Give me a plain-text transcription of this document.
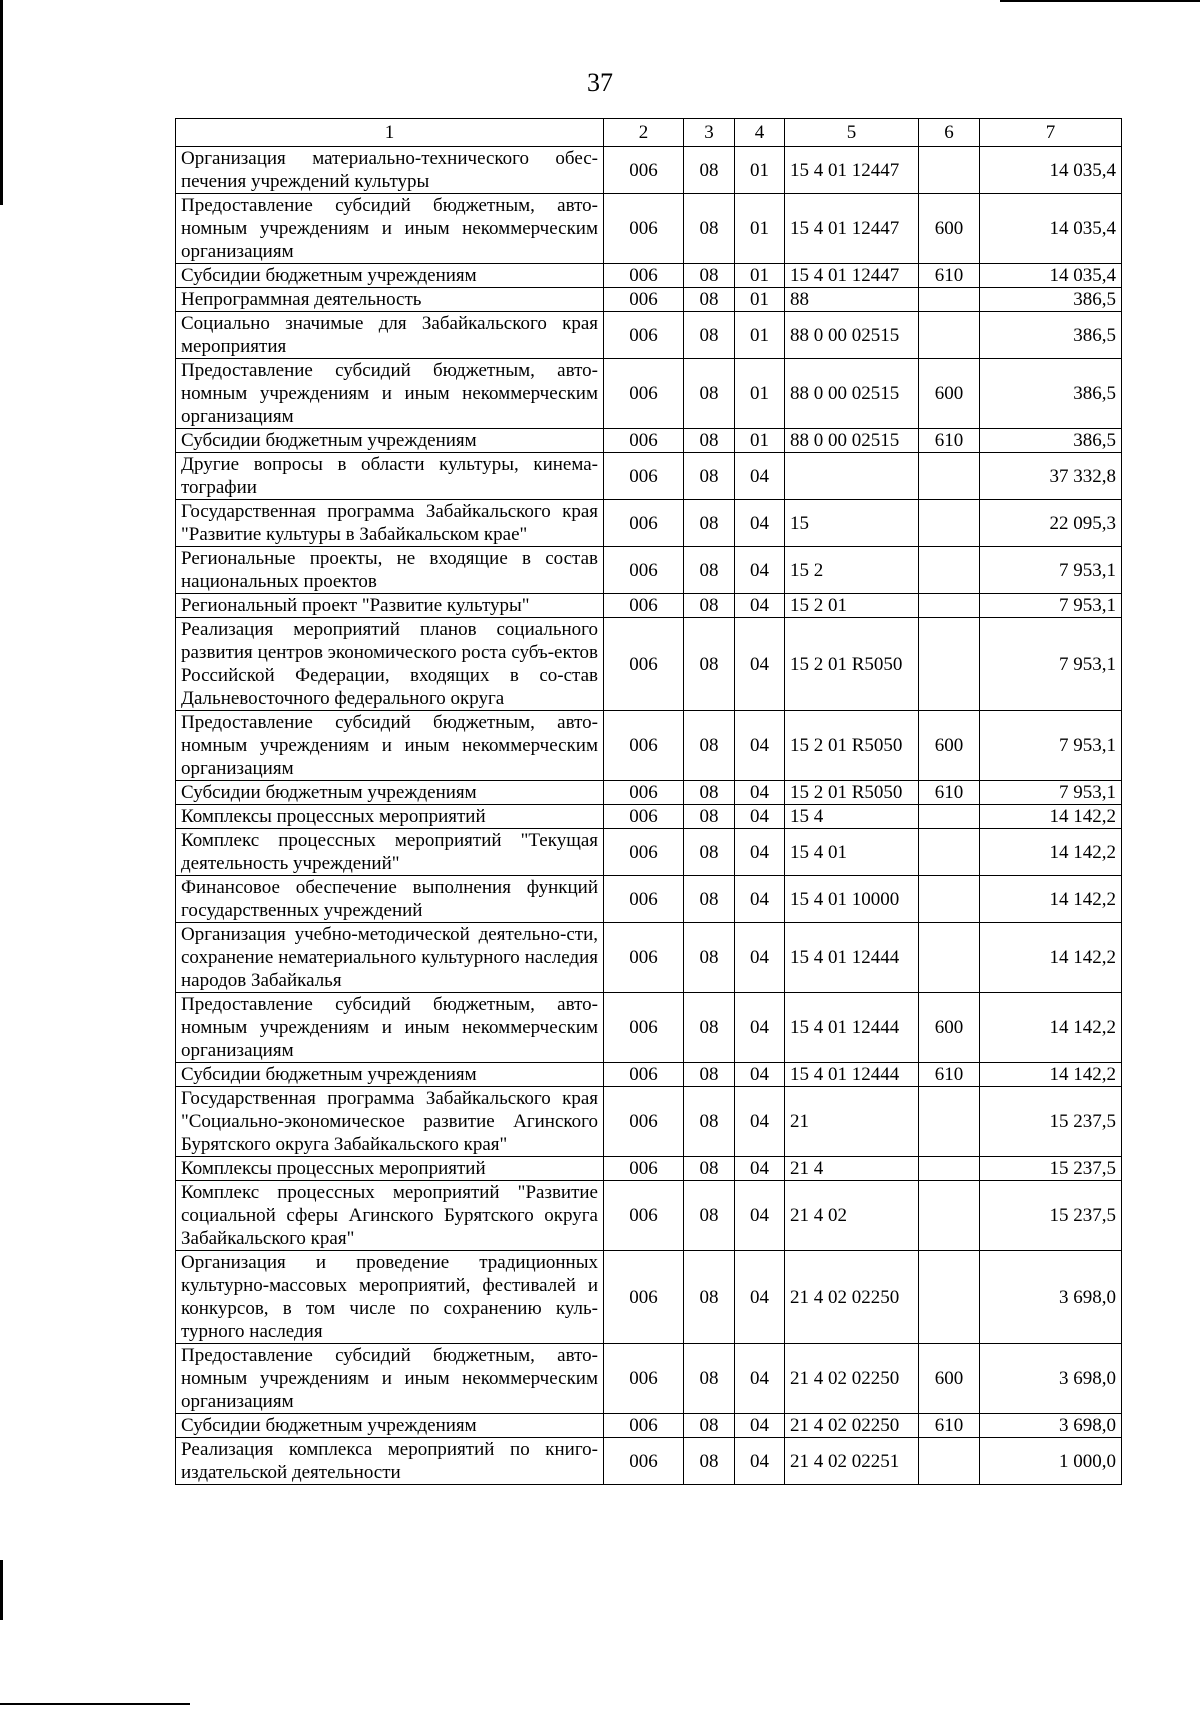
37
1	2	3	4	5	6	7
Организация материально-технического обес-печения учреждений культуры	006	08	01	15 4 01 12447		14 035,4
Предоставление субсидий бюджетным, авто-номным учреждениям и иным некоммерческим организациям	006	08	01	15 4 01 12447	600	14 035,4
Субсидии бюджетным учреждениям	006	08	01	15 4 01 12447	610	14 035,4
Непрограммная деятельность	006	08	01	88		386,5
Социально значимые для Забайкальского края мероприятия	006	08	01	88 0 00 02515		386,5
Предоставление субсидий бюджетным, авто-номным учреждениям и иным некоммерческим организациям	006	08	01	88 0 00 02515	600	386,5
Субсидии бюджетным учреждениям	006	08	01	88 0 00 02515	610	386,5
Другие вопросы в области культуры, кинема-тографии	006	08	04			37 332,8
Государственная программа Забайкальского края "Развитие культуры в Забайкальском крае"	006	08	04	15		22 095,3
Региональные проекты, не входящие в состав национальных проектов	006	08	04	15 2		7 953,1
Региональный проект "Развитие культуры"	006	08	04	15 2 01		7 953,1
Реализация мероприятий планов социального развития центров экономического роста субъ-ектов Российской Федерации, входящих в со-став Дальневосточного федерального округа	006	08	04	15 2 01 R5050		7 953,1
Предоставление субсидий бюджетным, авто-номным учреждениям и иным некоммерческим организациям	006	08	04	15 2 01 R5050	600	7 953,1
Субсидии бюджетным учреждениям	006	08	04	15 2 01 R5050	610	7 953,1
Комплексы процессных мероприятий	006	08	04	15 4		14 142,2
Комплекс процессных мероприятий "Текущая деятельность учреждений"	006	08	04	15 4 01		14 142,2
Финансовое обеспечение выполнения функций государственных учреждений	006	08	04	15 4 01 10000		14 142,2
Организация учебно-методической деятельно-сти, сохранение нематериального культурного наследия народов Забайкалья	006	08	04	15 4 01 12444		14 142,2
Предоставление субсидий бюджетным, авто-номным учреждениям и иным некоммерческим организациям	006	08	04	15 4 01 12444	600	14 142,2
Субсидии бюджетным учреждениям	006	08	04	15 4 01 12444	610	14 142,2
Государственная программа Забайкальского края "Социально-экономическое развитие Агинского Бурятского округа Забайкальского края"	006	08	04	21		15 237,5
Комплексы процессных мероприятий	006	08	04	21 4		15 237,5
Комплекс процессных мероприятий "Развитие социальной сферы Агинского Бурятского округа Забайкальского края"	006	08	04	21 4 02		15 237,5
Организация и проведение традиционных культурно-массовых мероприятий, фестивалей и конкурсов, в том числе по сохранению куль-турного наследия	006	08	04	21 4 02 02250		3 698,0
Предоставление субсидий бюджетным, авто-номным учреждениям и иным некоммерческим организациям	006	08	04	21 4 02 02250	600	3 698,0
Субсидии бюджетным учреждениям	006	08	04	21 4 02 02250	610	3 698,0
Реализация комплекса мероприятий по книго-издательской деятельности	006	08	04	21 4 02 02251		1 000,0
